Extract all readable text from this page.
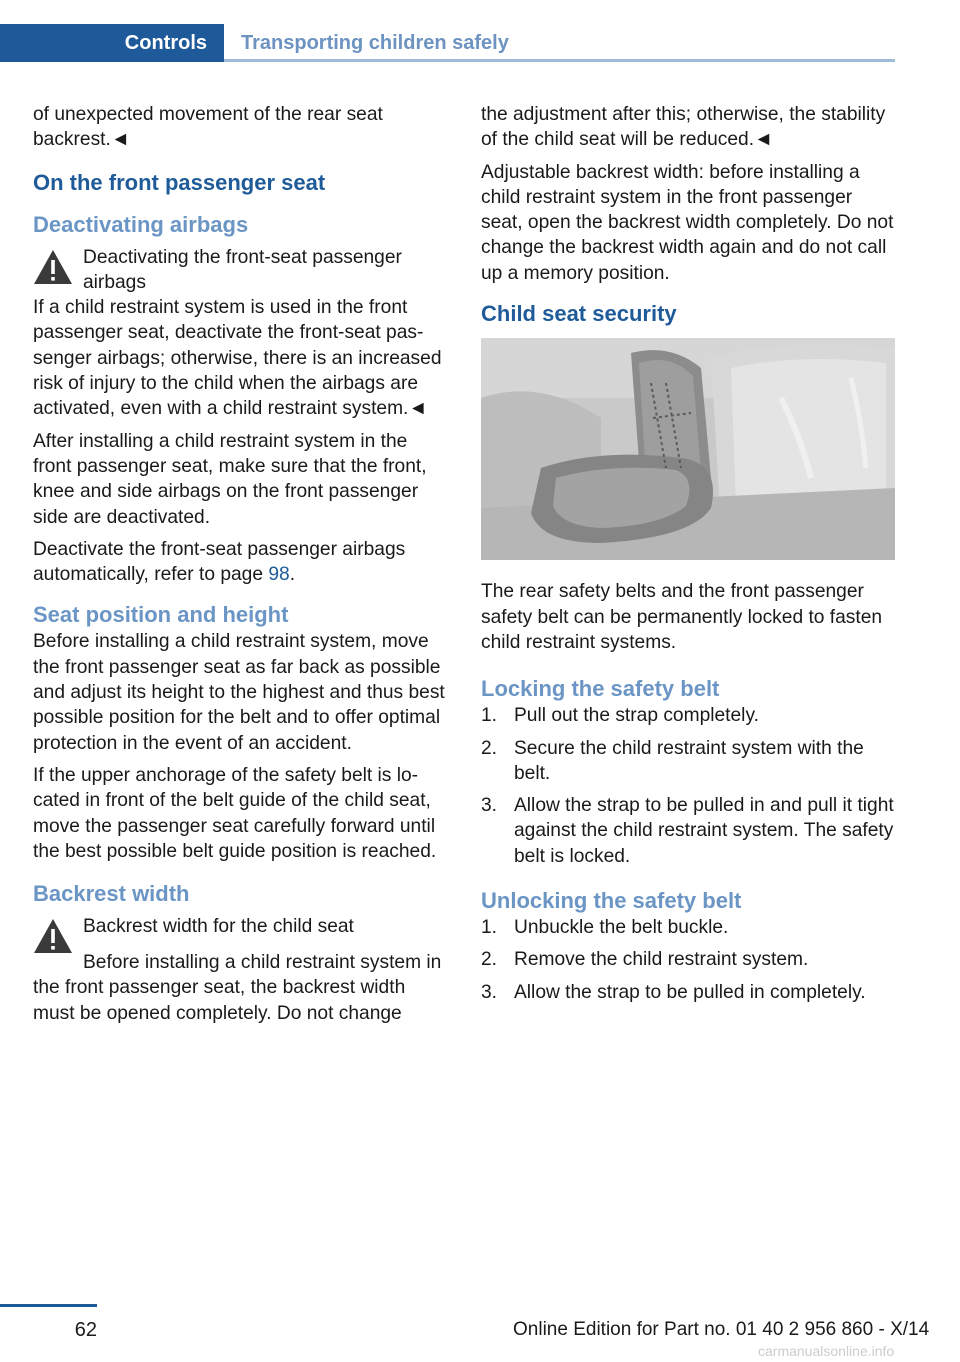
Controls	Transporting children safely

of unexpected movement of the rear seat backrest.◄

On the front passenger seat
Deactivating airbags
Deactivating the front-seat passenger airbags

If a child restraint system is used in the front passenger seat, deactivate the front-seat passenger airbags; otherwise, there is an increased risk of injury to the child when the airbags are activated, even with a child restraint system.◄

After installing a child restraint system in the front passenger seat, make sure that the front, knee and side airbags on the front passenger side are deactivated.

Deactivate the front-seat passenger airbags automatically, refer to page 98.

Seat position and height

Before installing a child restraint system, move the front passenger seat as far back as possible and adjust its height to the highest and thus best possible position for the belt and to offer optimal protection in the event of an accident.

If the upper anchorage of the safety belt is located in front of the belt guide of the child seat, move the passenger seat carefully forward until the best possible belt guide position is reached.

Backrest width
Backrest width for the child seat

Before installing a child restraint system in the front passenger seat, the backrest width must be opened completely. Do not change

the adjustment after this; otherwise, the stability of the child seat will be reduced.◄

Adjustable backrest width: before installing a child restraint system in the front passenger seat, open the backrest width completely. Do not change the backrest width again and do not call up a memory position.

Child seat security

The rear safety belts and the front passenger safety belt can be permanently locked to fasten child restraint systems.

Locking the safety belt
1. Pull out the strap completely.
2. Secure the child restraint system with the belt.
3. Allow the strap to be pulled in and pull it tight against the child restraint system. The safety belt is locked.
Unlocking the safety belt
1. Unbuckle the belt buckle.
2. Remove the child restraint system.
3. Allow the strap to be pulled in completely.
62	Online Edition for Part no. 01 40 2 956 860 - X/14
carmanualsonline.info
